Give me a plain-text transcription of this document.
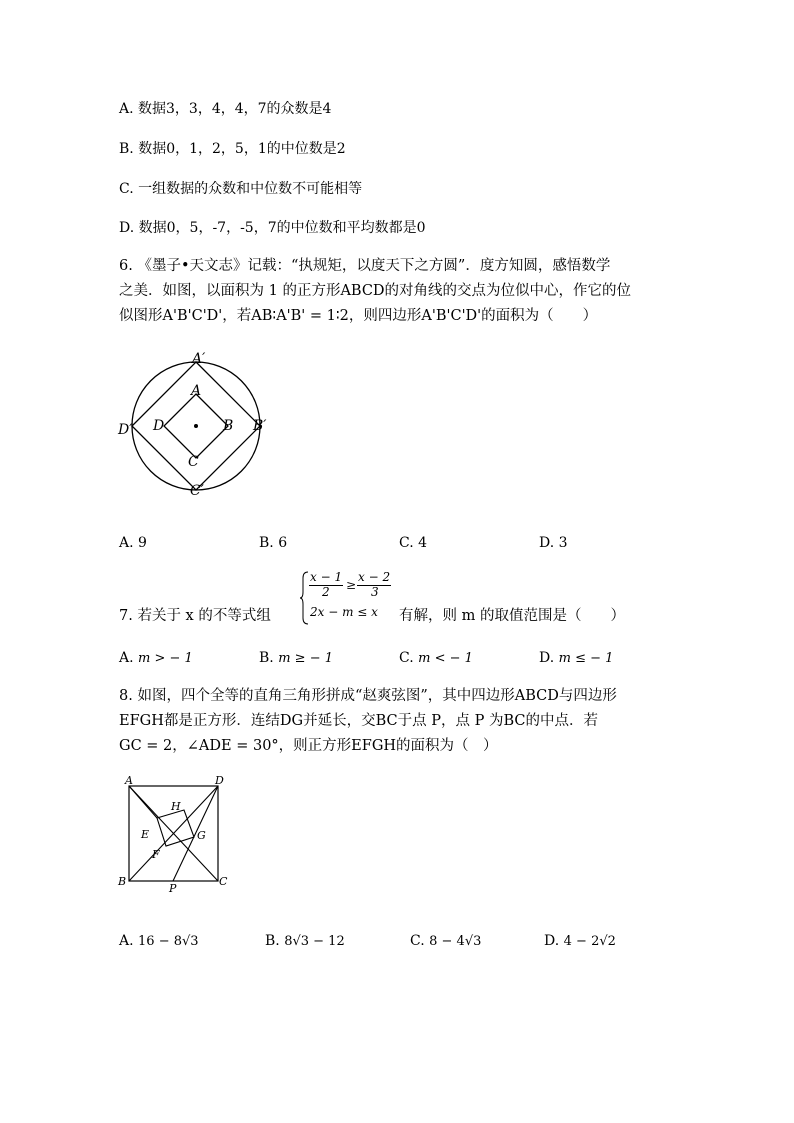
A. 数据3，3，4，4，7的众数是4
B. 数据0，1，2，5，1的中位数是2
C. 一组数据的众数和中位数不可能相等
D. 数据0，5，-7，-5，7的中位数和平均数都是0
6. 《墨子•天文志》记载：“执规矩，以度天下之方圆”．度方知圆，感悟数学
之美．如图，以面积为 1 的正方形ABCD的对角线的交点为位似中心，作它的位
似图形A'B'C'D'，若AB∶A'B' = 1∶2，则四边形A'B'C'D'的面积为（　　）
A′
A
D′ D	B B′
C
C′
A. 9	B. 6	C. 4	D. 3
7. 若关于 x 的不等式组
x − 1
2 ≥
x − 2
3
2x − m ≤ x 有解，则 m 的取值范围是（　　）
A. m > − 1	B. m ≥ − 1	C. m < − 1	D. m ≤ − 1
8. 如图，四个全等的直角三角形拼成“赵爽弦图”，其中四边形ABCD与四边形
EFGH都是正方形．连结DG并延长，交BC于点 P，点 P 为BC的中点．若
GC = 2，∠ADE = 30°，则正方形EFGH的面积为（　）
A	D
H
E	G
F
B
P
C
A. 16 − 8√3	B. 8√3 − 12	C. 8 − 4√3	D. 4 − 2√2
